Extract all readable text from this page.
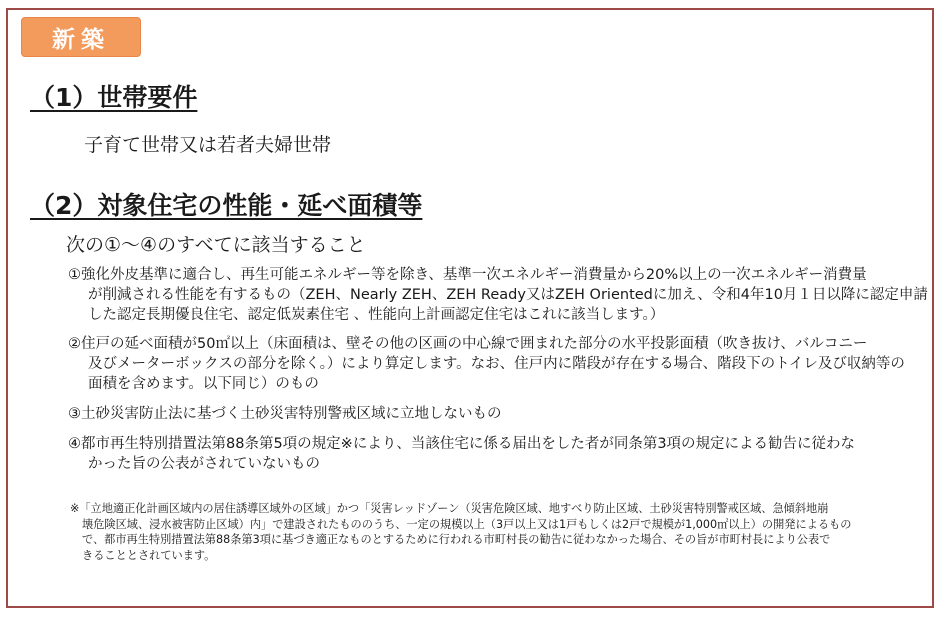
新築
（1）世帯要件
子育て世帯又は若者夫婦世帯
（2）対象住宅の性能・延べ面積等
次の①～④のすべてに該当すること
①強化外皮基準に適合し、再生可能エネルギー等を除き、基準一次エネルギー消費量から20%以上の一次エネルギー消費量
が削減される性能を有するもの（ZEH、Nearly ZEH、ZEH Ready又はZEH Orientedに加え、令和4年10月１日以降に認定申請
した認定長期優良住宅、認定低炭素住宅 、性能向上計画認定住宅はこれに該当します。）
②住戸の延べ面積が50㎡以上（床面積は、壁その他の区画の中心線で囲まれた部分の水平投影面積（吹き抜け、バルコニー
及びメーターボックスの部分を除く。）により算定します。なお、住戸内に階段が存在する場合、階段下のトイレ及び収納等の
面積を含めます。以下同じ）のもの
③土砂災害防止法に基づく土砂災害特別警戒区域に立地しないもの
④都市再生特別措置法第88条第5項の規定※により、当該住宅に係る届出をした者が同条第3項の規定による勧告に従わな
かった旨の公表がされていないもの
※「立地適正化計画区域内の居住誘導区域外の区域」かつ「災害レッドゾーン（災害危険区域、地すべり防止区域、土砂災害特別警戒区域、急傾斜地崩
壊危険区域、浸水被害防止区域）内」で建設されたもののうち、一定の規模以上（3戸以上又は1戸もしくは2戸で規模が1,000㎡以上）の開発によるもの
で、都市再生特別措置法第88条第3項に基づき適正なものとするために行われる市町村長の勧告に従わなかった場合、その旨が市町村長により公表で
きることとされています。
